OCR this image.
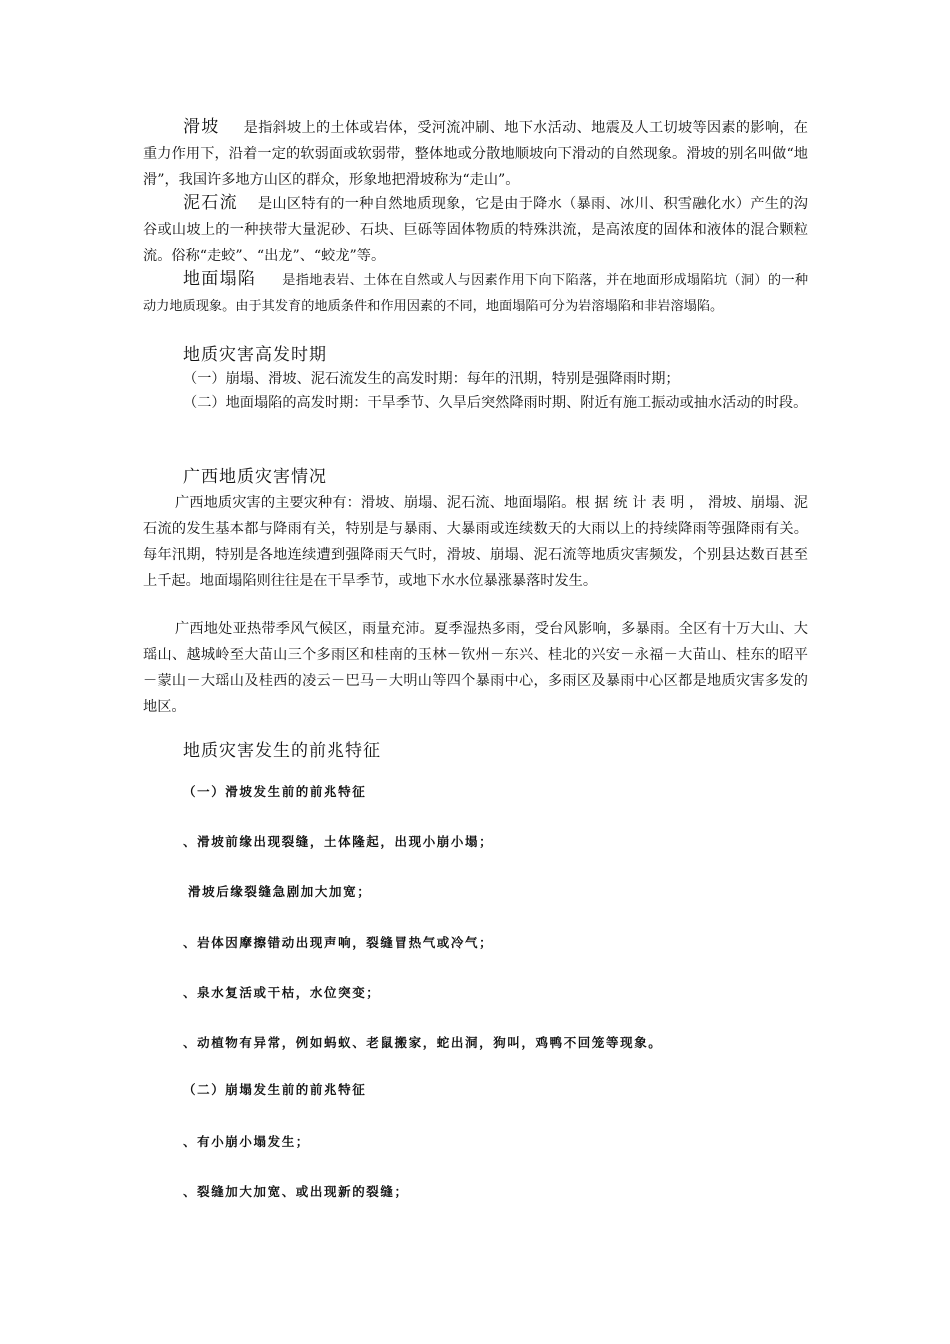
滑坡 是指斜坡上的土体或岩体，受河流冲刷、地下水活动、地震及人工切坡等因素的影响，在重力作用下，沿着一定的软弱面或软弱带，整体地或分散地顺坡向下滑动的自然现象。滑坡的别名叫做“地滑”，我国许多地方山区的群众，形象地把滑坡称为“走山”。
泥石流 是山区特有的一种自然地质现象，它是由于降水（暴雨、冰川、积雪融化水）产生的沟谷或山坡上的一种挟带大量泥砂、石块、巨砾等固体物质的特殊洪流，是高浓度的固体和液体的混合颗粒流。俗称“走蛟”、“出龙”、“蛟龙”等。
地面塌陷 是指地表岩、土体在自然或人与因素作用下向下陷落，并在地面形成塌陷坑（洞）的一种动力地质现象。由于其发育的地质条件和作用因素的不同，地面塌陷可分为岩溶塌陷和非岩溶塌陷。
地质灾害高发时期
（一）崩塌、滑坡、泥石流发生的高发时期：每年的汛期，特别是强降雨时期；
（二）地面塌陷的高发时期：干旱季节、久旱后突然降雨时期、附近有施工振动或抽水活动的时段。
广西地质灾害情况
广西地质灾害的主要灾种有：滑坡、崩塌、泥石流、地面塌陷。根 据 统 计 表 明 ， 滑坡、崩塌、泥石流的发生基本都与降雨有关，特别是与暴雨、大暴雨或连续数天的大雨以上的持续降雨等强降雨有关。每年汛期，特别是各地连续遭到强降雨天气时，滑坡、崩塌、泥石流等地质灾害频发，个别县达数百甚至上千起。地面塌陷则往往是在干旱季节，或地下水水位暴涨暴落时发生。
广西地处亚热带季风气候区，雨量充沛。夏季湿热多雨，受台风影响，多暴雨。全区有十万大山、大瑶山、越城岭至大苗山三个多雨区和桂南的玉林－钦州－东兴、桂北的兴安－永福－大苗山、桂东的昭平－蒙山－大瑶山及桂西的凌云－巴马－大明山等四个暴雨中心，多雨区及暴雨中心区都是地质灾害多发的地区。
地质灾害发生的前兆特征
（一）滑坡发生前的前兆特征
、滑坡前缘出现裂缝，土体隆起，出现小崩小塌；
滑坡后缘裂缝急剧加大加宽；
、岩体因摩擦错动出现声响，裂缝冒热气或冷气；
、泉水复活或干枯，水位突变；
、动植物有异常，例如蚂蚁、老鼠搬家，蛇出洞，狗叫，鸡鸭不回笼等现象。
（二）崩塌发生前的前兆特征
、有小崩小塌发生；
、裂缝加大加宽、或出现新的裂缝；
